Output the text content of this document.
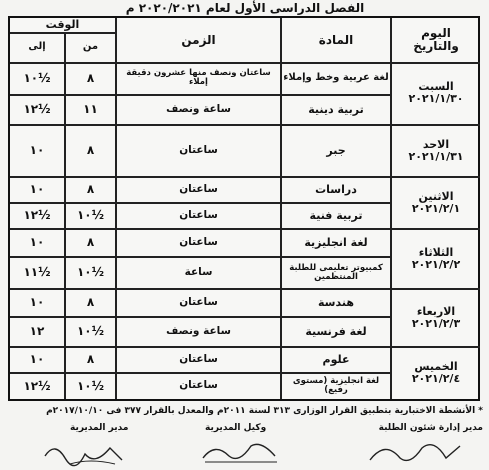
الفصل الدراسى الأول لعام ٢٠٢٠/٢٠٢١ م
اليوم
والتاريخ
المادة
الزمن
الوقت
من
إلى
السبت
٢٠٢١/١/٣٠
لغة عربية وخط وإملاء
ساعتان ونصف منها عشرون دقيقة إملاء
٨
١٠½
تربية دينية
ساعة ونصف
١١
١٢½
الاحد
٢٠٢١/١/٣١
جبر
ساعتان
٨
١٠
الاثنين
٢٠٢١/٢/١
دراسات
ساعتان
٨
١٠
تربية فنية
ساعتان
١٠½
١٢½
الثلاثاء
٢٠٢١/٢/٢
لغة انجليزية
ساعتان
٨
١٠
كمبيوتر تعليمى للطلبة المنتظمين
ساعة
١٠½
١١½
الاربعاء
٢٠٢١/٢/٣
هندسة
ساعتان
٨
١٠
لغة فرنسية
ساعة ونصف
١٠½
١٢
الخميس
٢٠٢١/٢/٤
علوم
ساعتان
٨
١٠
لغة انجليزية (مستوى رفيع)
ساعتان
١٠½
١٢½
* الأنشطة الاختبارية بتطبيق القرار الوزارى ٣١٣ لسنة ٢٠١١م والمعدل بالقرار ٣٧٧ فى ٢٠١٧/١٠/١٠م
مدير إدارة شئون الطلبة
وكيل المديرية
مدير المديرية
